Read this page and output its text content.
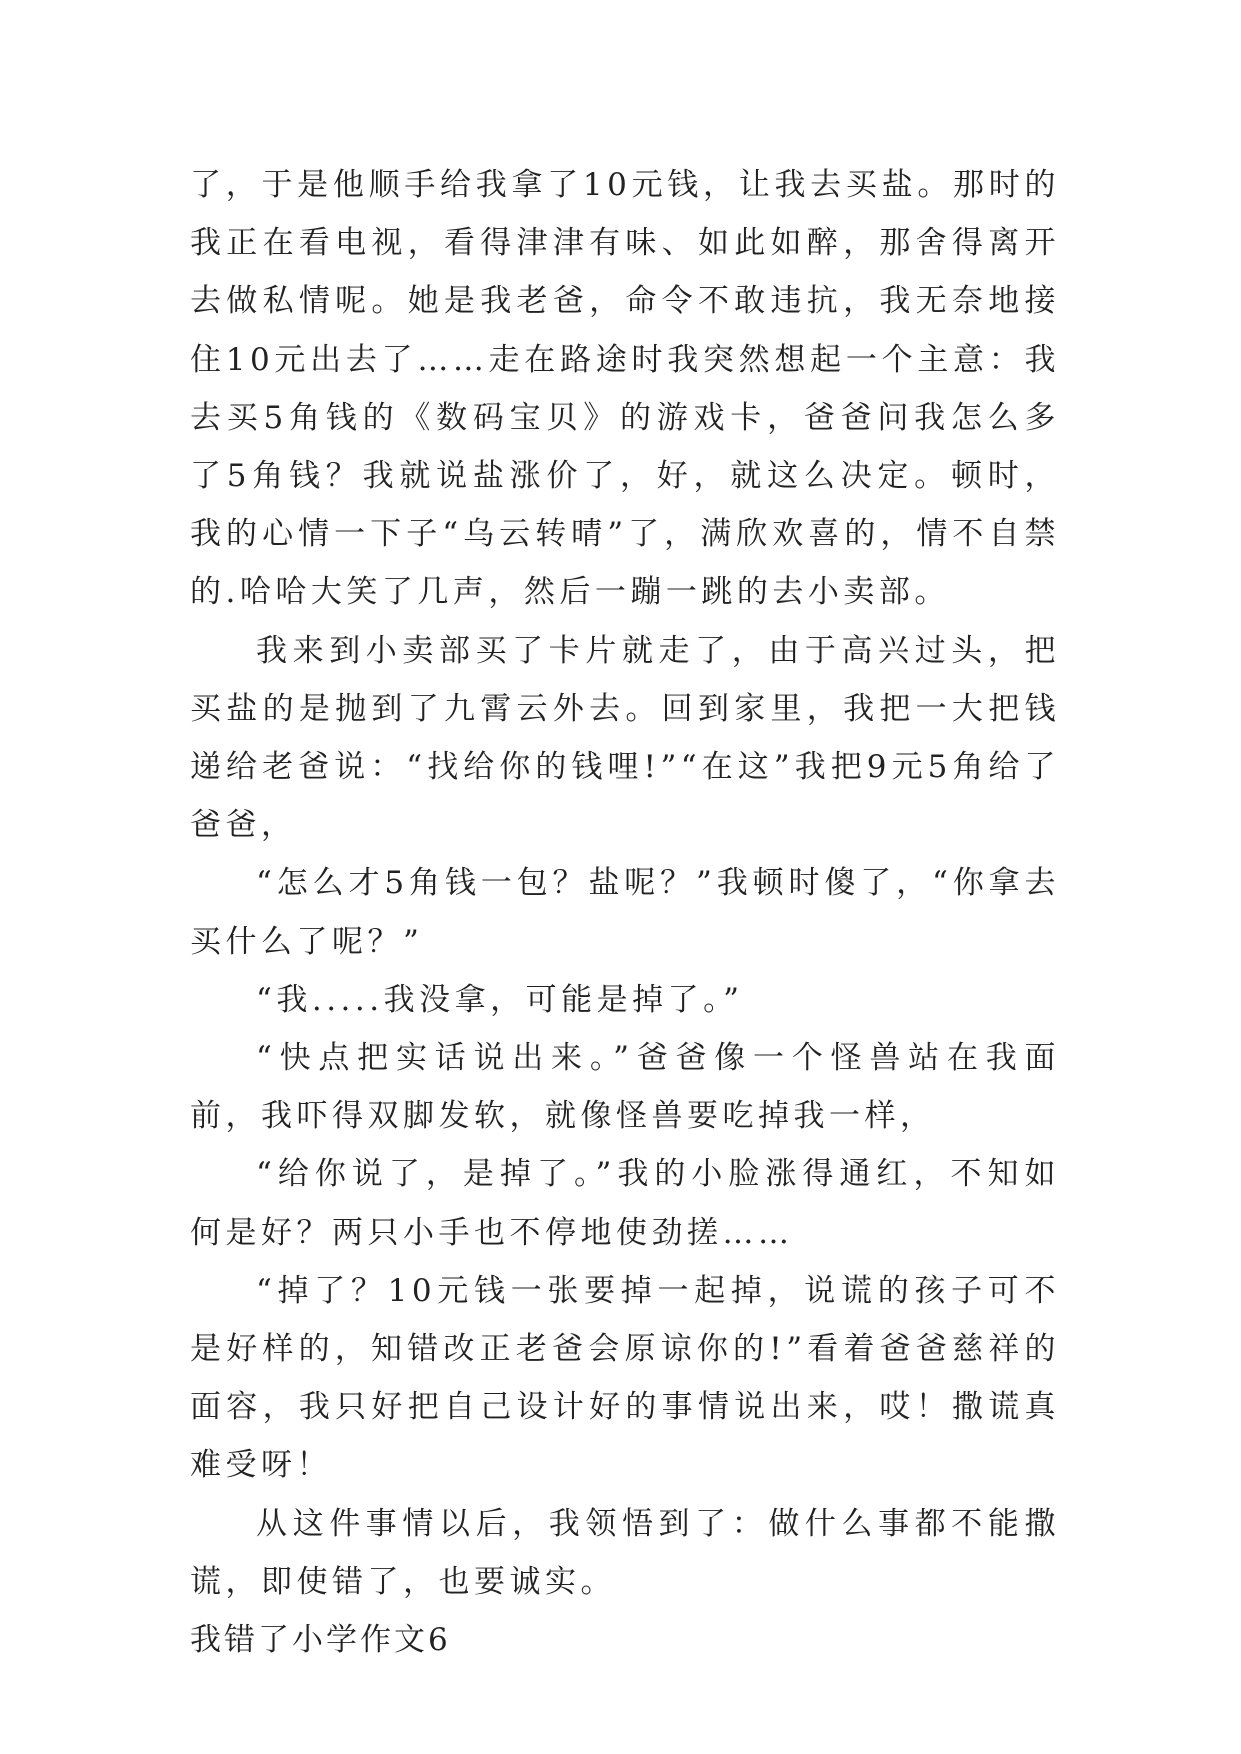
了，于是他顺手给我拿了10元钱，让我去买盐。那时的我正在看电视，看得津津有味、如此如醉，那舍得离开去做私情呢。她是我老爸，命令不敢违抗，我无奈地接住10元出去了……走在路途时我突然想起一个主意：我去买5角钱的《数码宝贝》的游戏卡，爸爸问我怎么多了5角钱？我就说盐涨价了，好，就这么决定。顿时，我的心情一下子“乌云转晴”了，满欣欢喜的，情不自禁的.哈哈大笑了几声，然后一蹦一跳的去小卖部。

我来到小卖部买了卡片就走了，由于高兴过头，把买盐的是抛到了九霄云外去。回到家里，我把一大把钱递给老爸说：“找给你的钱哩!”“在这”我把9元5角给了爸爸，

“怎么才5角钱一包？盐呢？”我顿时傻了，“你拿去买什么了呢？”

“我.....我没拿，可能是掉了。”

“快点把实话说出来。”爸爸像一个怪兽站在我面前，我吓得双脚发软，就像怪兽要吃掉我一样，

“给你说了，是掉了。”我的小脸涨得通红，不知如何是好？两只小手也不停地使劲搓……

“掉了？10元钱一张要掉一起掉，说谎的孩子可不是好样的，知错改正老爸会原谅你的!”看着爸爸慈祥的面容，我只好把自己设计好的事情说出来，哎！撒谎真难受呀！

从这件事情以后，我领悟到了：做什么事都不能撒谎，即使错了，也要诚实。

我错了小学作文6
